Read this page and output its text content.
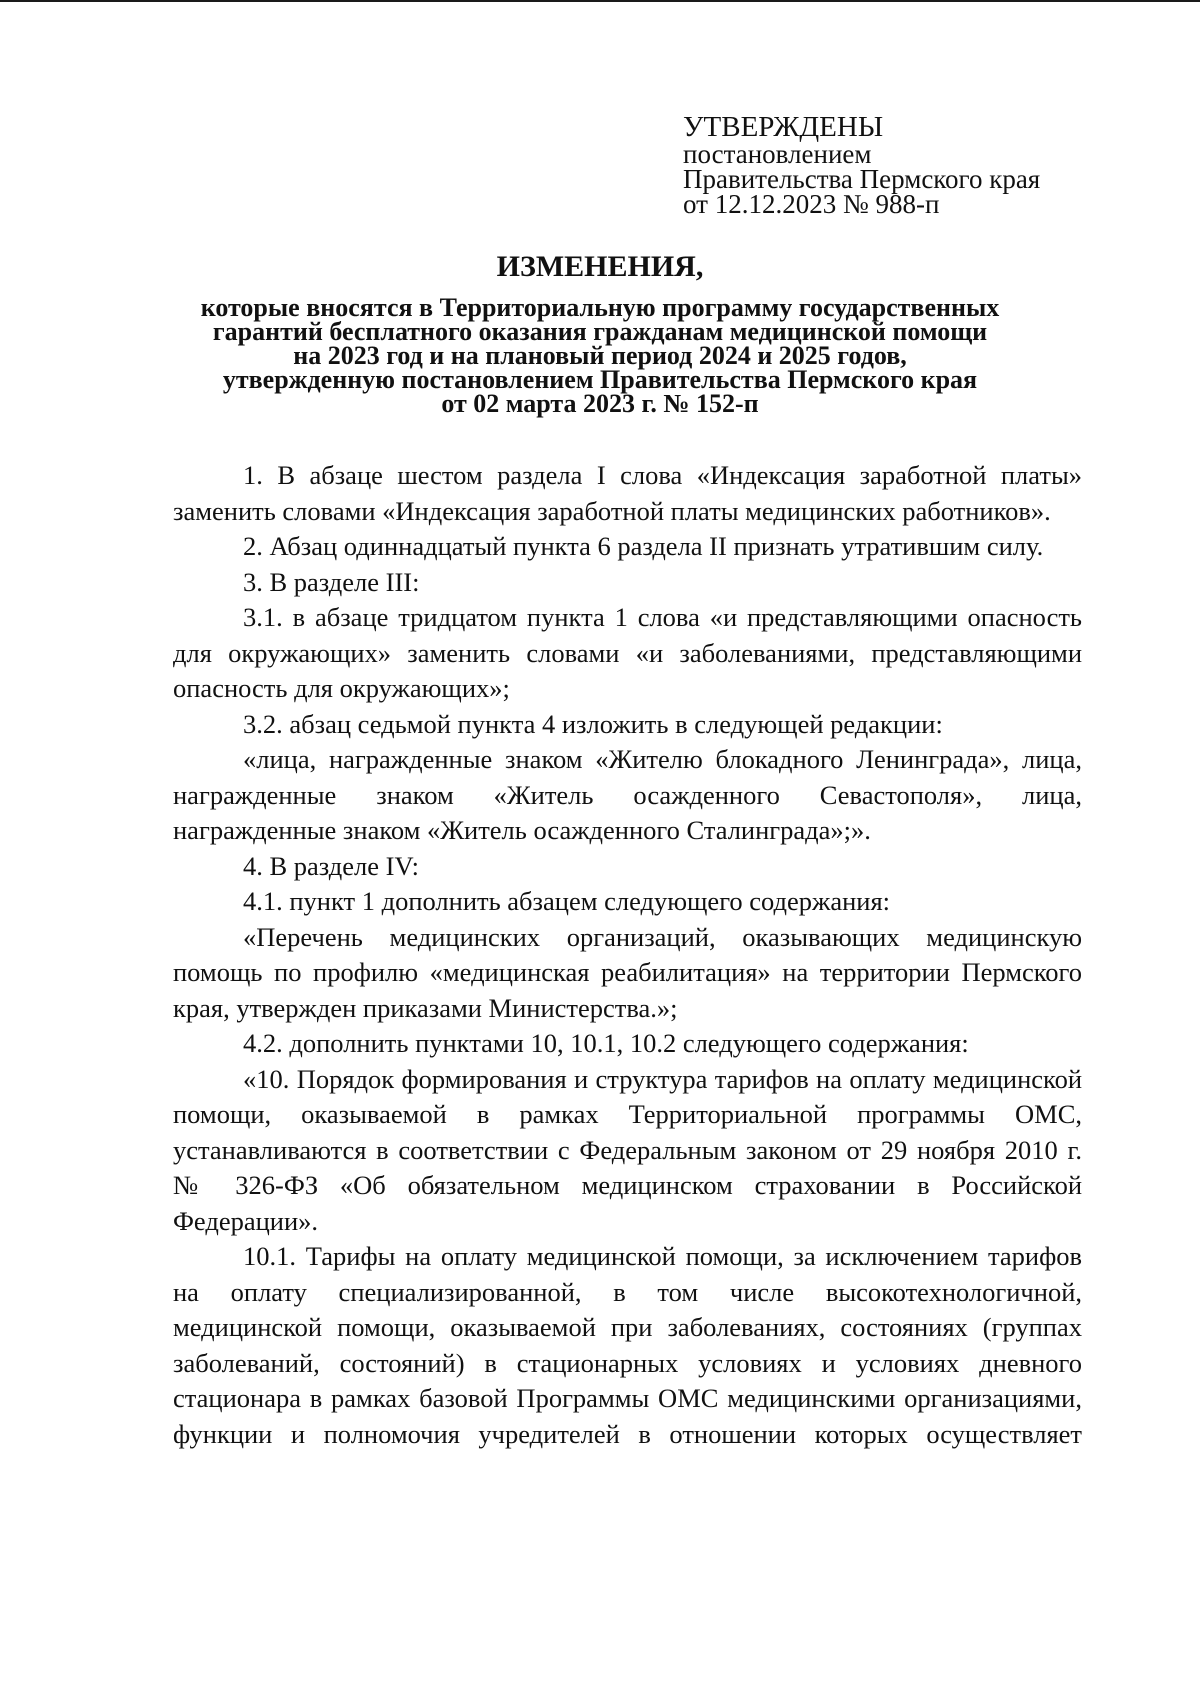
УТВЕРЖДЕНЫ
постановлением
Правительства Пермского края
от 12.12.2023 № 988-п
ИЗМЕНЕНИЯ,
которые вносятся в Территориальную программу государственных
гарантий бесплатного оказания гражданам медицинской помощи
на 2023 год и на плановый период 2024 и 2025 годов,
утвержденную постановлением Правительства Пермского края
от 02 марта 2023 г. № 152-п

1. В абзаце шестом раздела I слова «Индексация заработной платы» заменить словами «Индексация заработной платы медицинских работников».

2. Абзац одиннадцатый пункта 6 раздела II признать утратившим силу.

3. В разделе III:

3.1. в абзаце тридцатом пункта 1 слова «и представляющими опасность для окружающих» заменить словами «и заболеваниями, представляющими опасность для окружающих»;

3.2. абзац седьмой пункта 4 изложить в следующей редакции:

«лица, награжденные знаком «Жителю блокадного Ленинграда», лица, награжденные знаком «Житель осажденного Севастополя», лица, награжденные знаком «Житель осажденного Сталинграда»;».

4. В разделе IV:

4.1. пункт 1 дополнить абзацем следующего содержания:

«Перечень медицинских организаций, оказывающих медицинскую помощь по профилю «медицинская реабилитация» на территории Пермского края, утвержден приказами Министерства.»;

4.2. дополнить пунктами 10, 10.1, 10.2 следующего содержания:

«10. Порядок формирования и структура тарифов на оплату медицинской помощи, оказываемой в рамках Территориальной программы ОМС, устанавливаются в соответствии с Федеральным законом от 29 ноября 2010 г. № 326-ФЗ «Об обязательном медицинском страховании в Российской Федерации».

10.1. Тарифы на оплату медицинской помощи, за исключением тарифов на оплату специализированной, в том числе высокотехнологичной, медицинской помощи, оказываемой при заболеваниях, состояниях (группах заболеваний, состояний) в стационарных условиях и условиях дневного стационара в рамках базовой Программы ОМС медицинскими организациями, функции и полномочия учредителей в отношении которых осуществляет
